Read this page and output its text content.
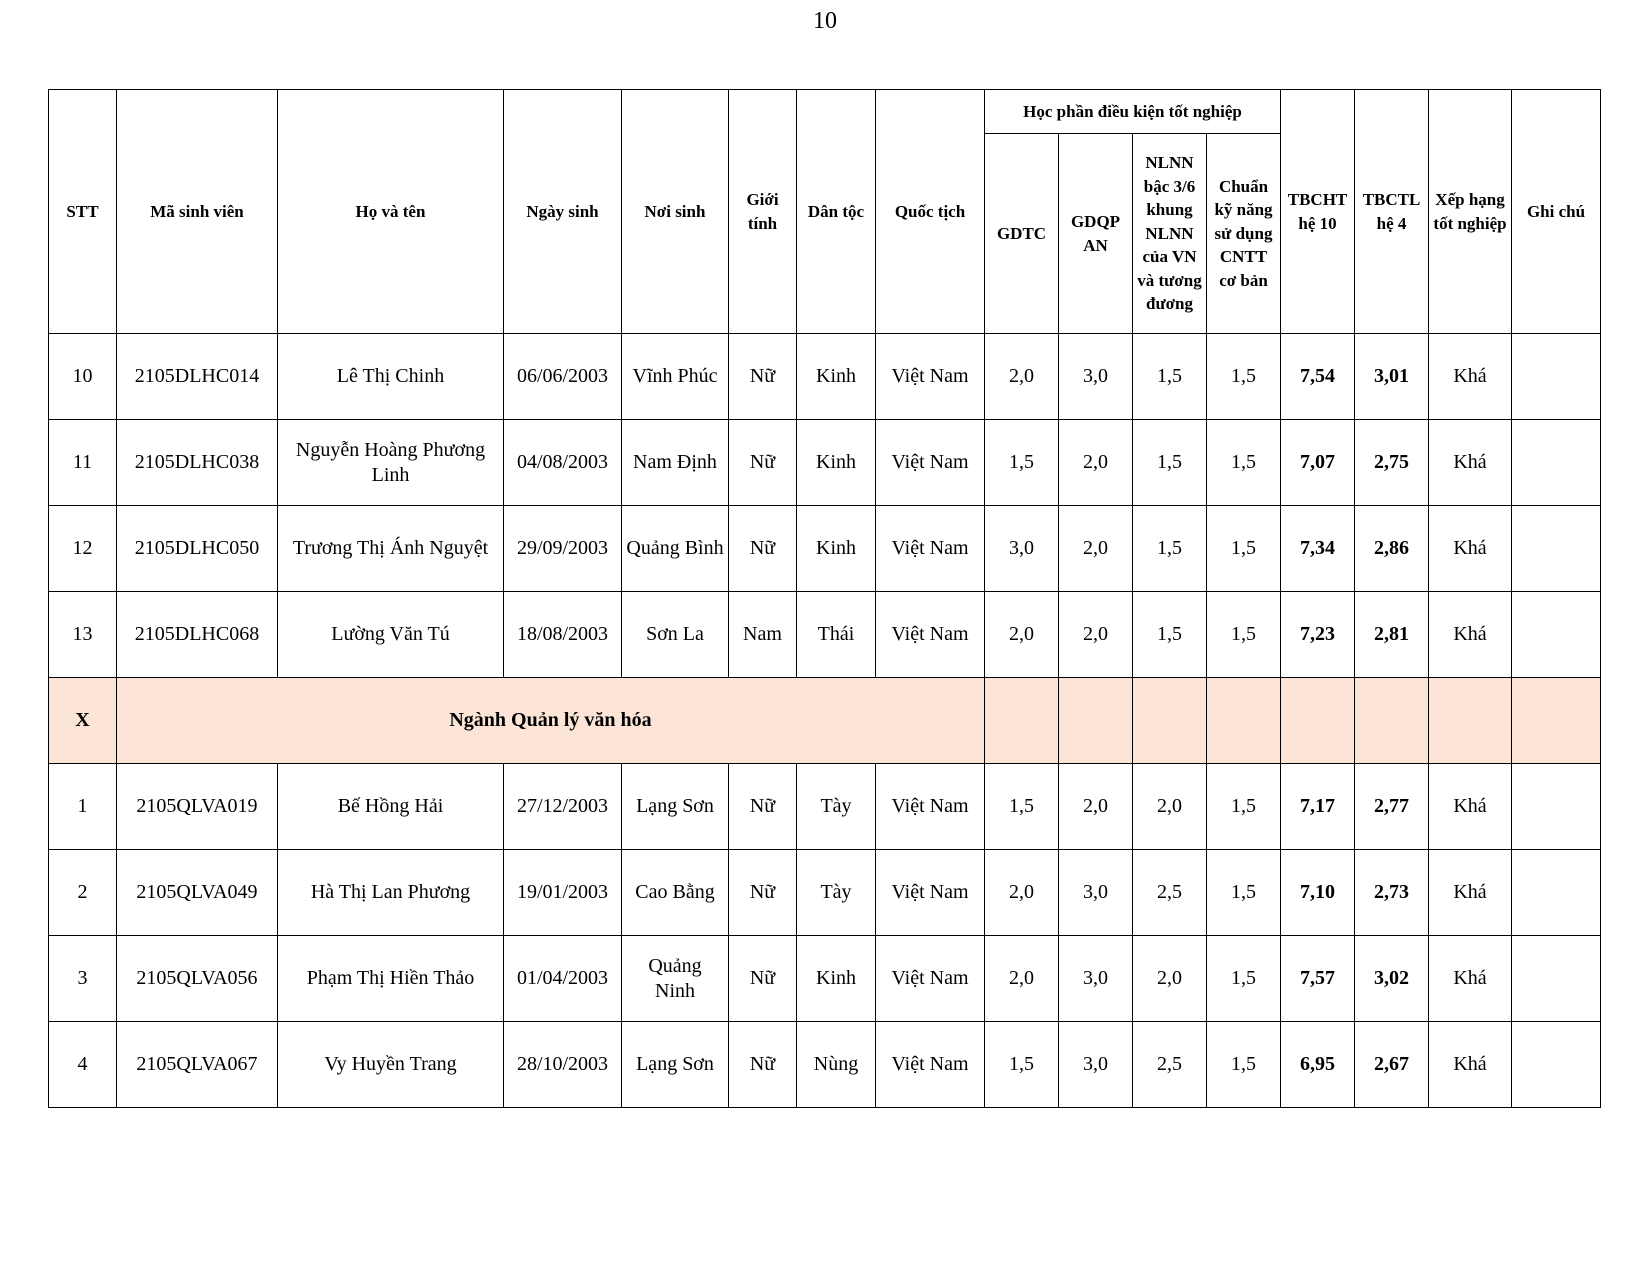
10
STT	Mã sinh viên	Họ và tên	Ngày sinh	Nơi sinh	Giới tính	Dân tộc	Quốc tịch	Học phần điều kiện tốt nghiệp				TBCHT hệ 10	TBCTL hệ 4	Xếp hạng tốt nghiệp	Ghi chú
								GDTC	GDQP AN	NLNN bậc 3/6 khung NLNN của VN và tương đương	Chuẩn kỹ năng sử dụng CNTT cơ bản				
10	2105DLHC014	Lê Thị Chinh	06/06/2003	Vĩnh Phúc	Nữ	Kinh	Việt Nam	2,0	3,0	1,5	1,5	7,54	3,01	Khá	
11	2105DLHC038	Nguyễn Hoàng Phương Linh	04/08/2003	Nam Định	Nữ	Kinh	Việt Nam	1,5	2,0	1,5	1,5	7,07	2,75	Khá	
12	2105DLHC050	Trương Thị Ánh Nguyệt	29/09/2003	Quảng Bình	Nữ	Kinh	Việt Nam	3,0	2,0	1,5	1,5	7,34	2,86	Khá	
13	2105DLHC068	Lường Văn Tú	18/08/2003	Sơn La	Nam	Thái	Việt Nam	2,0	2,0	1,5	1,5	7,23	2,81	Khá	
X	Ngành Quản lý văn hóa														
1	2105QLVA019	Bế Hồng Hải	27/12/2003	Lạng Sơn	Nữ	Tày	Việt Nam	1,5	2,0	2,0	1,5	7,17	2,77	Khá	
2	2105QLVA049	Hà Thị Lan Phương	19/01/2003	Cao Bằng	Nữ	Tày	Việt Nam	2,0	3,0	2,5	1,5	7,10	2,73	Khá	
3	2105QLVA056	Phạm Thị Hiền Thảo	01/04/2003	Quảng Ninh	Nữ	Kinh	Việt Nam	2,0	3,0	2,0	1,5	7,57	3,02	Khá	
4	2105QLVA067	Vy Huyền Trang	28/10/2003	Lạng Sơn	Nữ	Nùng	Việt Nam	1,5	3,0	2,5	1,5	6,95	2,67	Khá	
